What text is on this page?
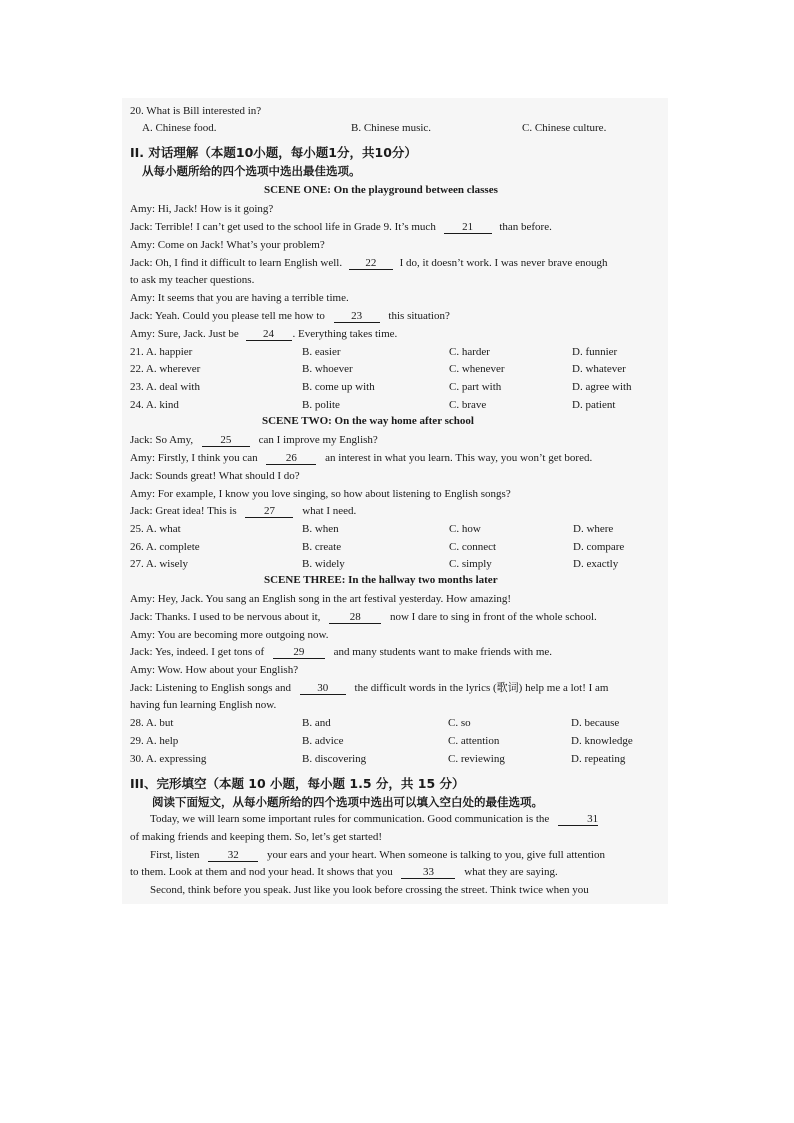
20. What is Bill interested in?
A. Chinese food.	B. Chinese music.	C. Chinese culture.
II. 对话理解（本题10小题，每小题1分，共10分）
从每小题所给的四个选项中选出最佳选项。
SCENE ONE: On the playground between classes
Amy: Hi, Jack! How is it going?
Jack: Terrible! I can’t get used to the school life in Grade 9. It’s much 21 than before.
Amy: Come on Jack! What’s your problem?
Jack: Oh, I find it difficult to learn English well. 22 I do, it doesn’t work. I was never brave enough
to ask my teacher questions.
Amy: It seems that you are having a terrible time.
Jack: Yeah. Could you please tell me how to 23 this situation?
Amy: Sure, Jack. Just be 24 . Everything takes time.
21. A. happier	B. easier	C. harder	D. funnier
22. A. wherever	B. whoever	C. whenever	D. whatever
23. A. deal with	B. come up with	C. part with	D. agree with
24. A. kind	B. polite	C. brave	D. patient
SCENE TWO: On the way home after school
Jack: So Amy, 25 can I improve my English?
Amy: Firstly, I think you can	26	an interest in what you learn. This way, you won’t get bored.
Jack: Sounds great! What should I do?
Amy: For example, I know you love singing, so how about listening to English songs?
Jack: Great idea! This is 27 what I need.
25. A. what	B. when	C. how	D. where
26. A. complete	B. create	C. connect	D. compare
27. A. wisely	B. widely	C. simply	D. exactly
SCENE THREE: In the hallway two months later
Amy: Hey, Jack. You sang an English song in the art festival yesterday. How amazing!
Jack: Thanks. I used to be nervous about it,	28	now I dare to sing in front of the whole school.
Amy: You are becoming more outgoing now.
Jack: Yes, indeed. I get tons of	29	and many students want to make friends with me.
Amy: Wow. How about your English?
Jack: Listening to English songs and 30 the difficult words in the lyrics (歌词) help me a lot! I am
having fun learning English now.
28. A. but	B. and	C. so	D. because
29. A. help	B. advice	C. attention	D. knowledge
30. A. expressing	B. discovering	C. reviewing	D. repeating
III、完形填空（本题 10 小题，每小题 1.5 分，共 15 分）
阅读下面短文，从每小题所给的四个选项中选出可以填入空白处的最佳选项。
Today, we will learn some important rules for communication. Good communication is the	31
of making friends and keeping them. So, let’s get started!
First, listen	32	your ears and your heart. When someone is talking to you, give full attention
to them. Look at them and nod your head. It shows that you	33	what they are saying.
Second, think before you speak. Just like you look before crossing the street. Think twice when you
